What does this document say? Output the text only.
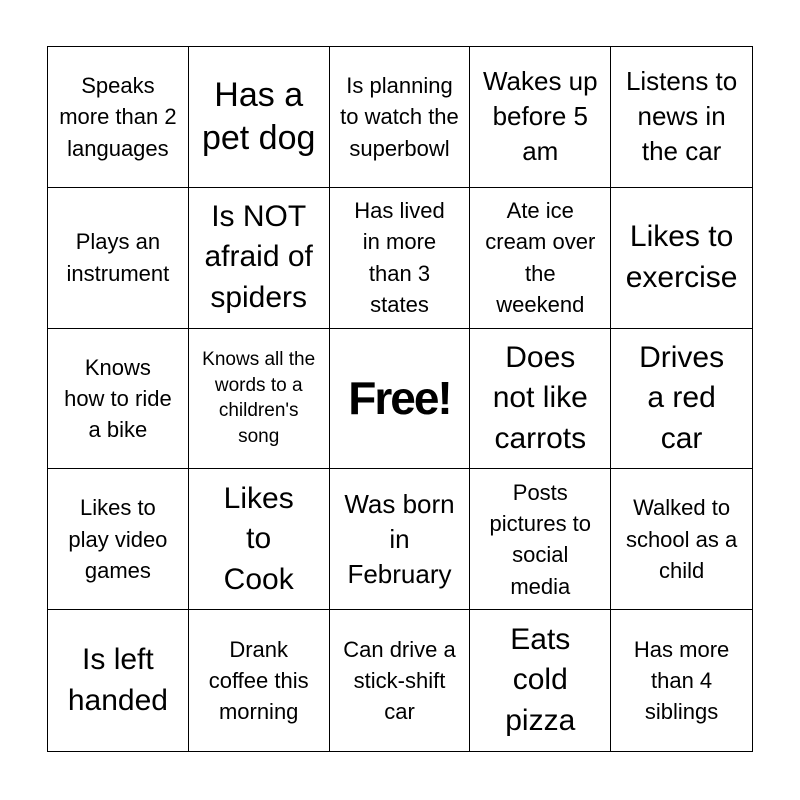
Speaks more than 2 languages
Has a pet dog
Is planning to watch the superbowl
Wakes up before 5 am
Listens to news in the car
Plays an instrument
Is NOT afraid of spiders
Has lived in more than 3 states
Ate ice cream over the weekend
Likes to exercise
Knows how to ride a bike
Knows all the words to a children's song
Free!
Does not like carrots
Drives a red car
Likes to play video games
Likes to Cook
Was born in February
Posts pictures to social media
Walked to school as a child
Is left handed
Drank coffee this morning
Can drive a stick-shift car
Eats cold pizza
Has more than 4 siblings
